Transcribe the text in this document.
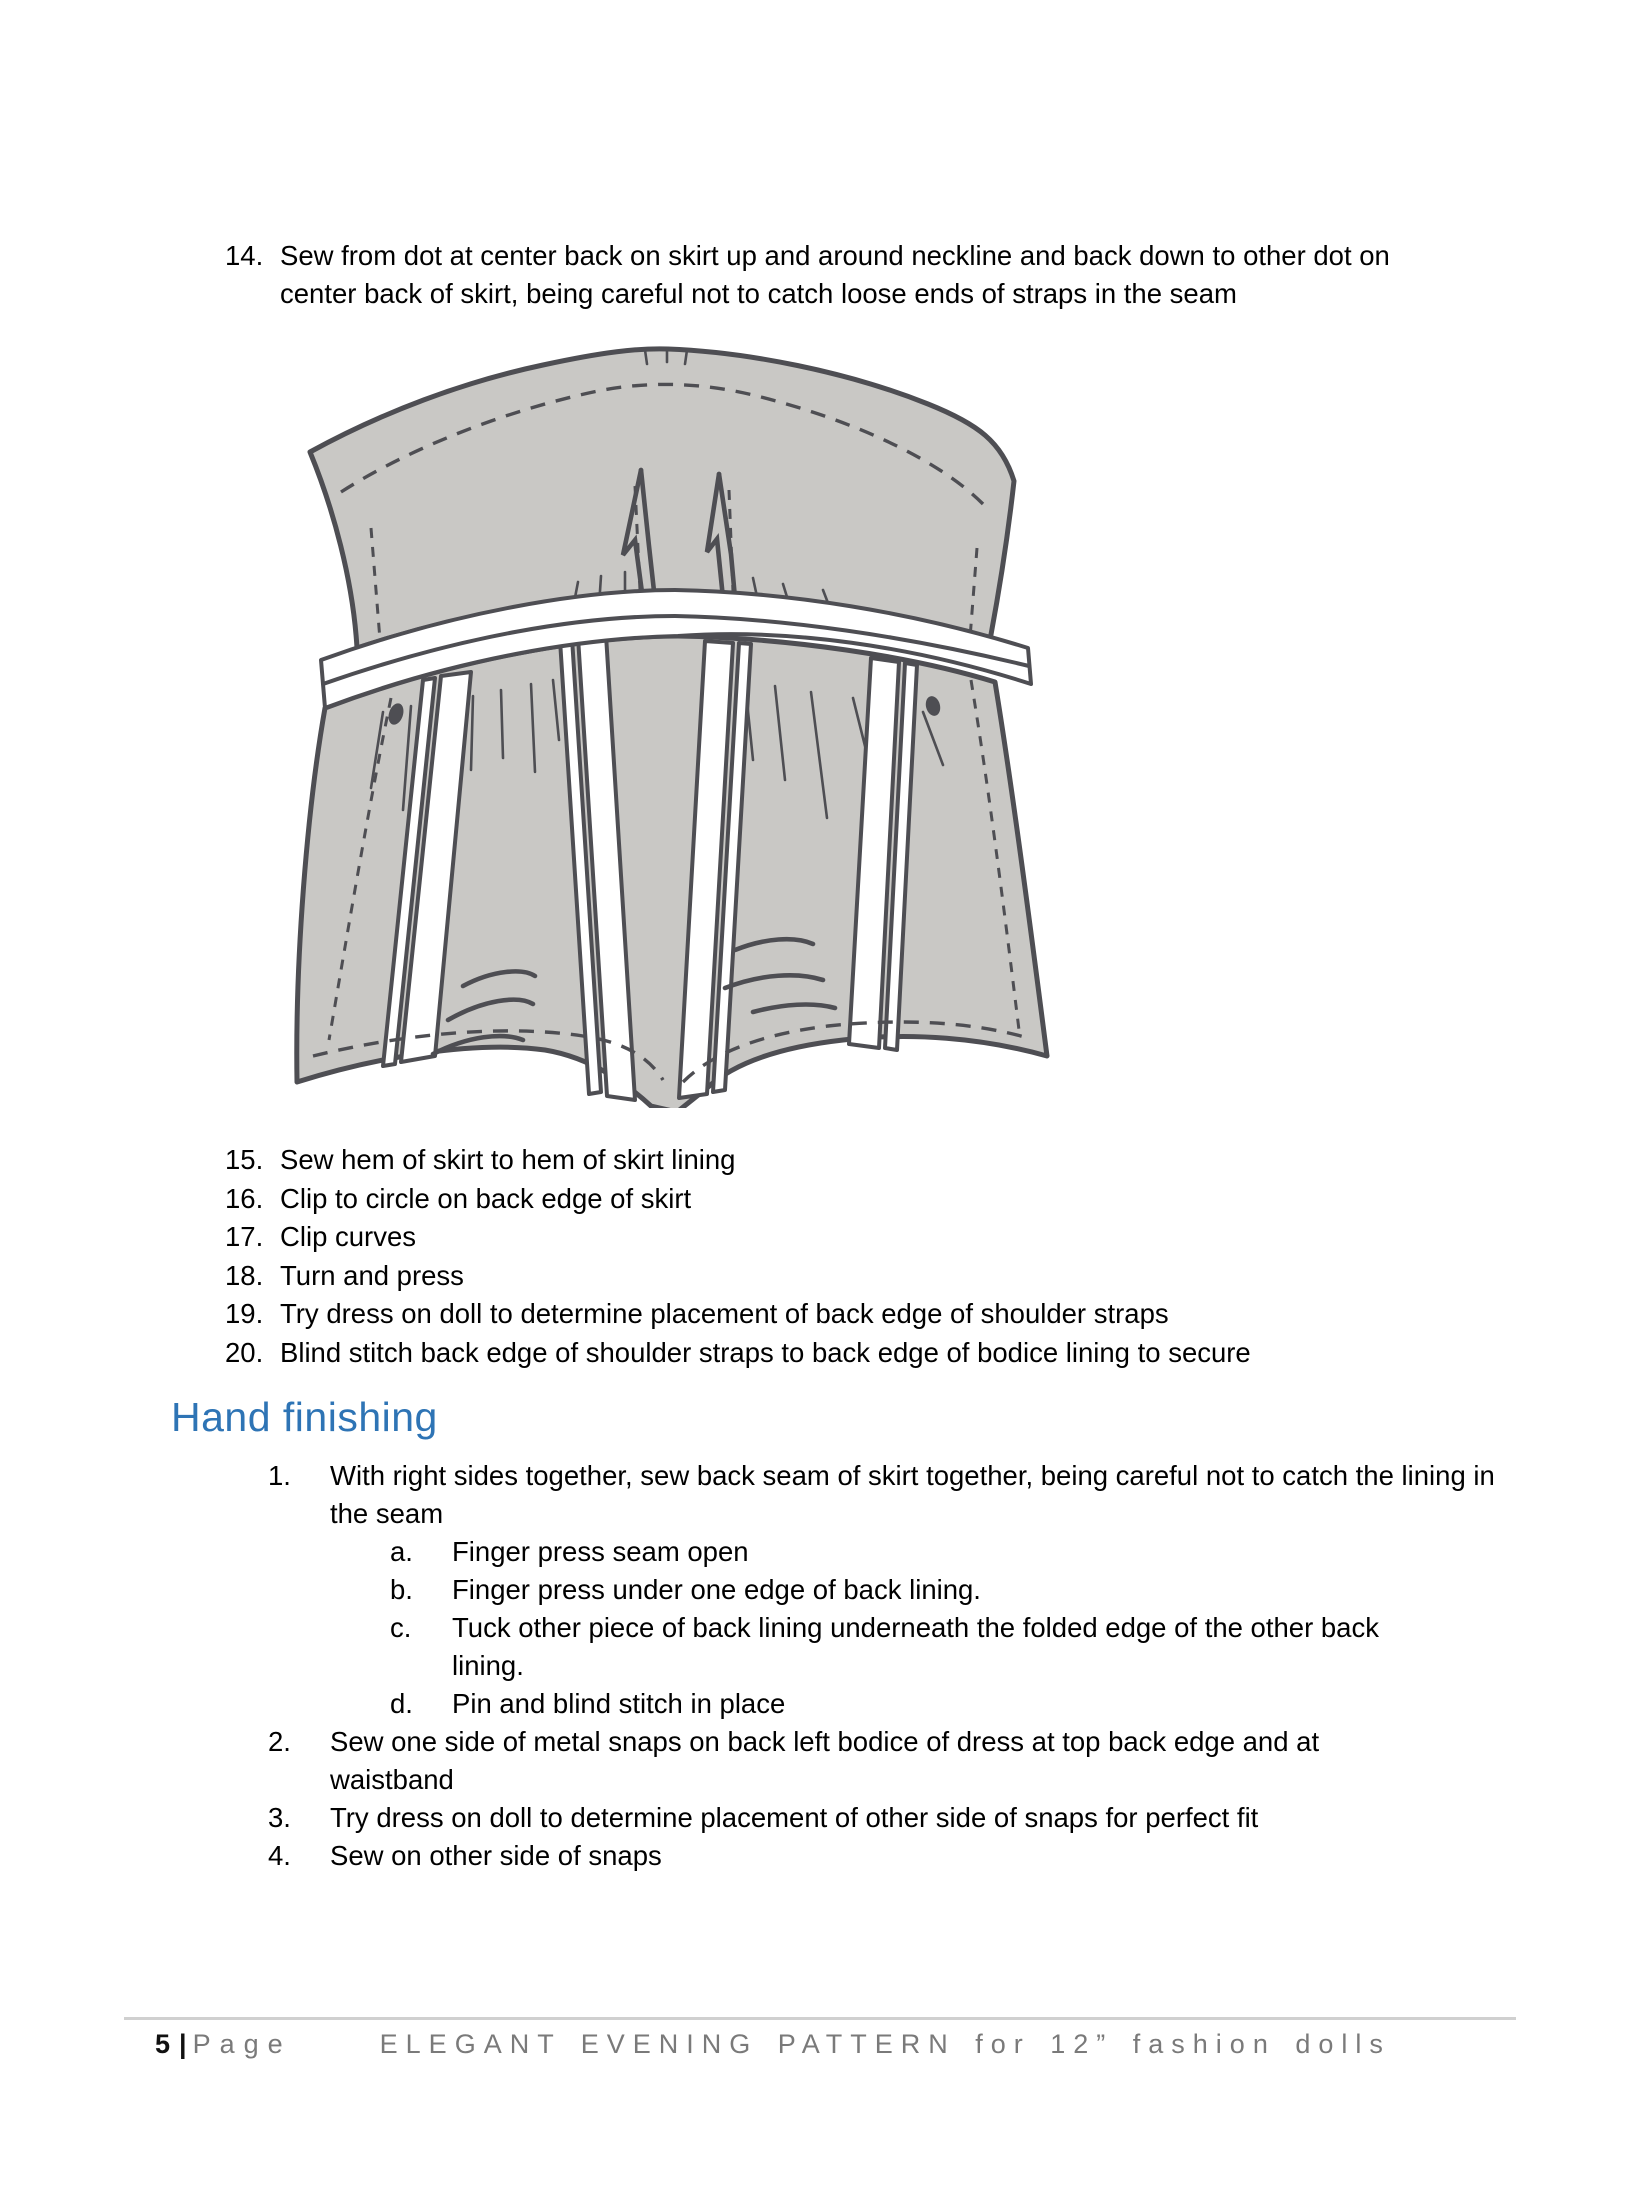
14. Sew from dot at center back on skirt up and around neckline and back down to other dot on center back of skirt, being careful not to catch loose ends of straps in the seam
15. Sew hem of skirt to hem of skirt lining
16. Clip to circle on back edge of skirt
17. Clip curves
18. Turn and press
19. Try dress on doll to determine placement of back edge of shoulder straps
20. Blind stitch back edge of shoulder straps to back edge of bodice lining to secure
Hand finishing
1.	With right sides together, sew back seam of skirt together, being careful not to catch the lining in the seam
a.	Finger press seam open
b.	Finger press under one edge of back lining.
c.	Tuck other piece of back lining underneath the folded edge of the other back lining.
d.	Pin and blind stitch in place
2.	Sew one side of metal snaps on back left bodice of dress at top back edge and at waistband
3.	Try dress on doll to determine placement of other side of snaps for perfect fit
4.	Sew on other side of snaps
5 | Page	ELEGANT EVENING PATTERN for 12” fashion dolls
